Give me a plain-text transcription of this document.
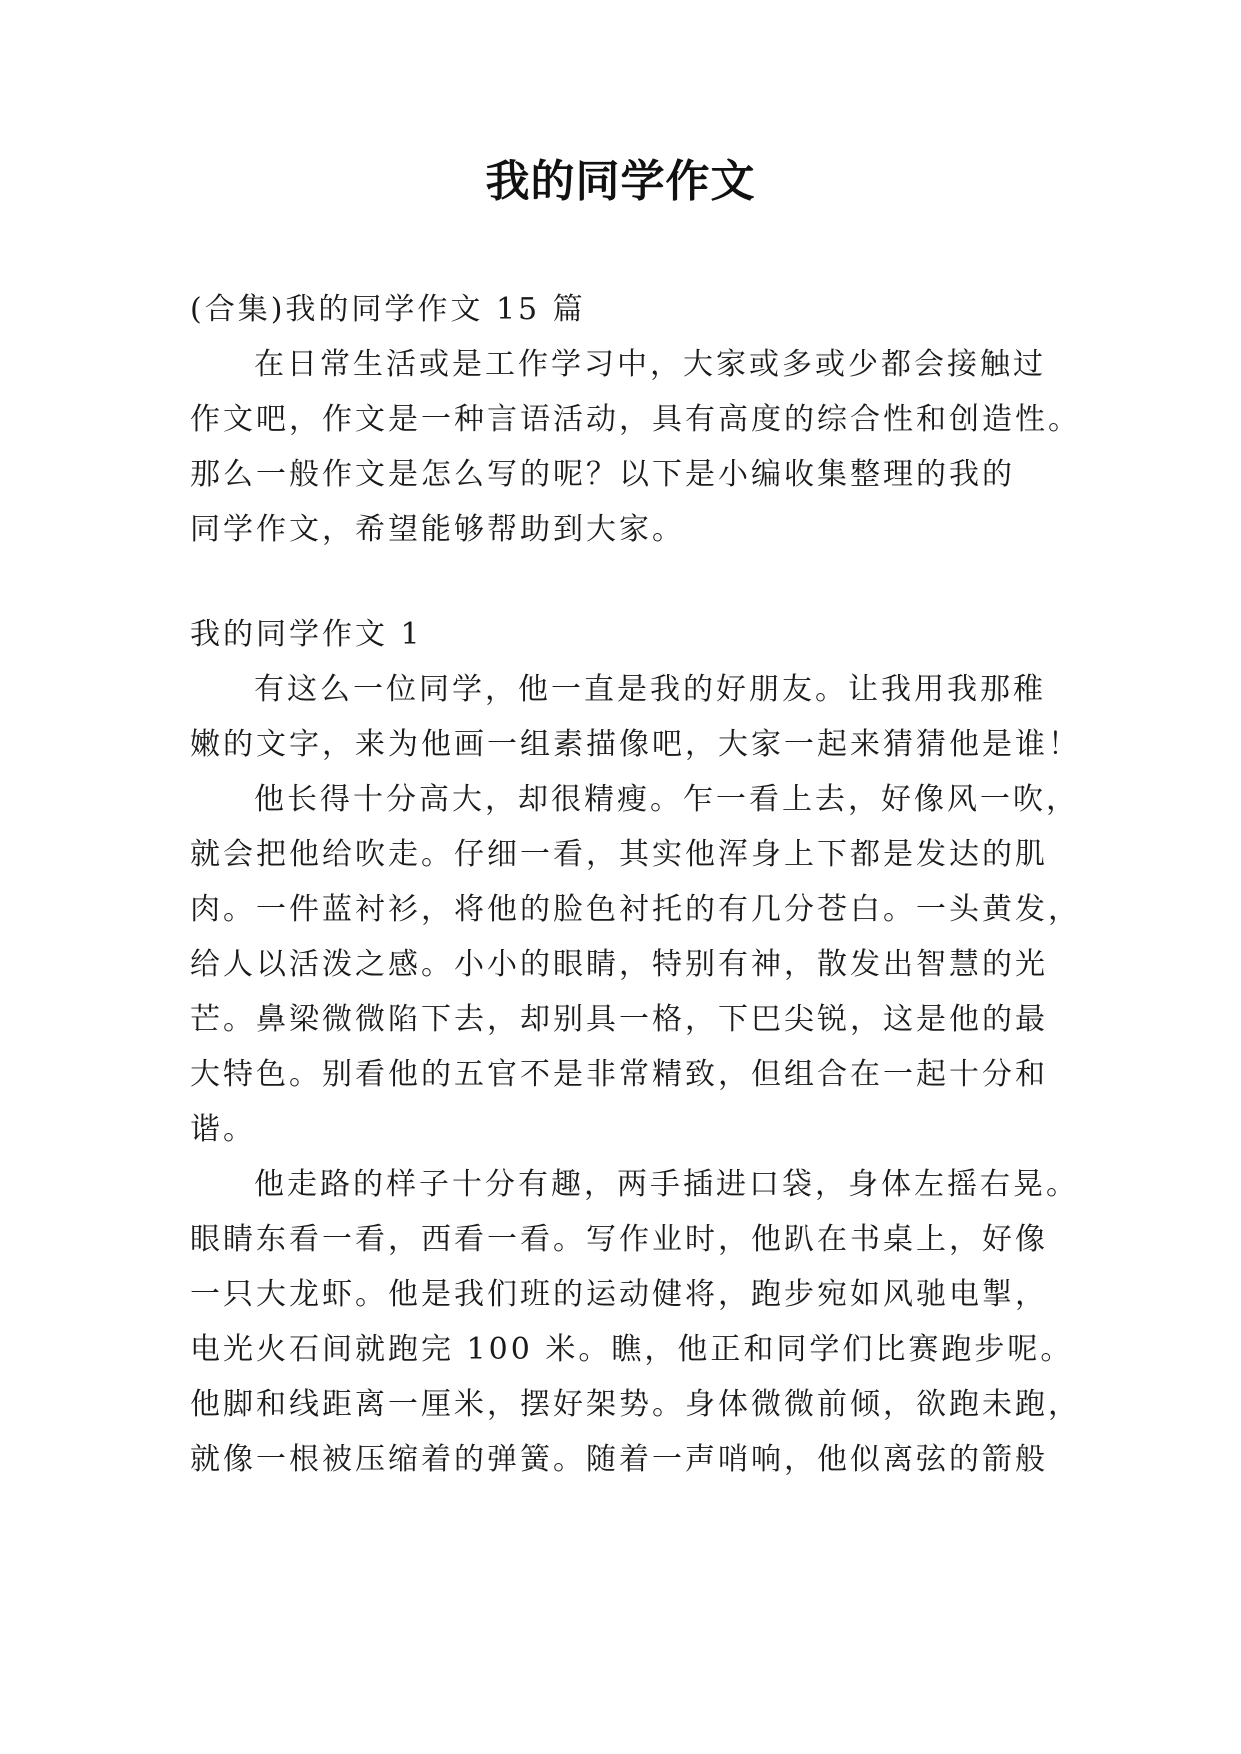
我的同学作文
(合集)我的同学作文 15 篇
在日常生活或是工作学习中，大家或多或少都会接触过
作文吧，作文是一种言语活动，具有高度的综合性和创造性。
那么一般作文是怎么写的呢？以下是小编收集整理的我的
同学作文，希望能够帮助到大家。
我的同学作文 1
有这么一位同学，他一直是我的好朋友。让我用我那稚
嫩的文字，来为他画一组素描像吧，大家一起来猜猜他是谁！
他长得十分高大，却很精瘦。乍一看上去，好像风一吹，
就会把他给吹走。仔细一看，其实他浑身上下都是发达的肌
肉。一件蓝衬衫，将他的脸色衬托的有几分苍白。一头黄发，
给人以活泼之感。小小的眼睛，特别有神，散发出智慧的光
芒。鼻梁微微陷下去，却别具一格，下巴尖锐，这是他的最
大特色。别看他的五官不是非常精致，但组合在一起十分和
谐。
他走路的样子十分有趣，两手插进口袋，身体左摇右晃。
眼睛东看一看，西看一看。写作业时，他趴在书桌上，好像
一只大龙虾。他是我们班的运动健将，跑步宛如风驰电掣，
电光火石间就跑完 100 米。瞧，他正和同学们比赛跑步呢。
他脚和线距离一厘米，摆好架势。身体微微前倾，欲跑未跑，
就像一根被压缩着的弹簧。随着一声哨响，他似离弦的箭般
